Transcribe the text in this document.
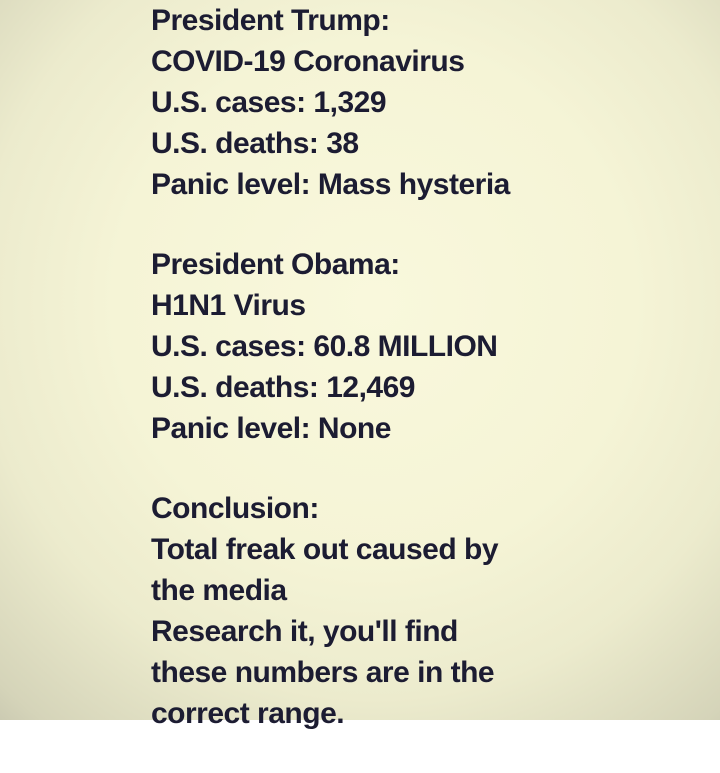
President Trump:
COVID-19 Coronavirus
U.S. cases: 1,329
U.S. deaths: 38
Panic level: Mass hysteria
President Obama:
H1N1 Virus
U.S. cases: 60.8 MILLION
U.S. deaths: 12,469
Panic level: None
Conclusion:
Total freak out caused by
the media
Research it, you'll find
these numbers are in the
correct range.
